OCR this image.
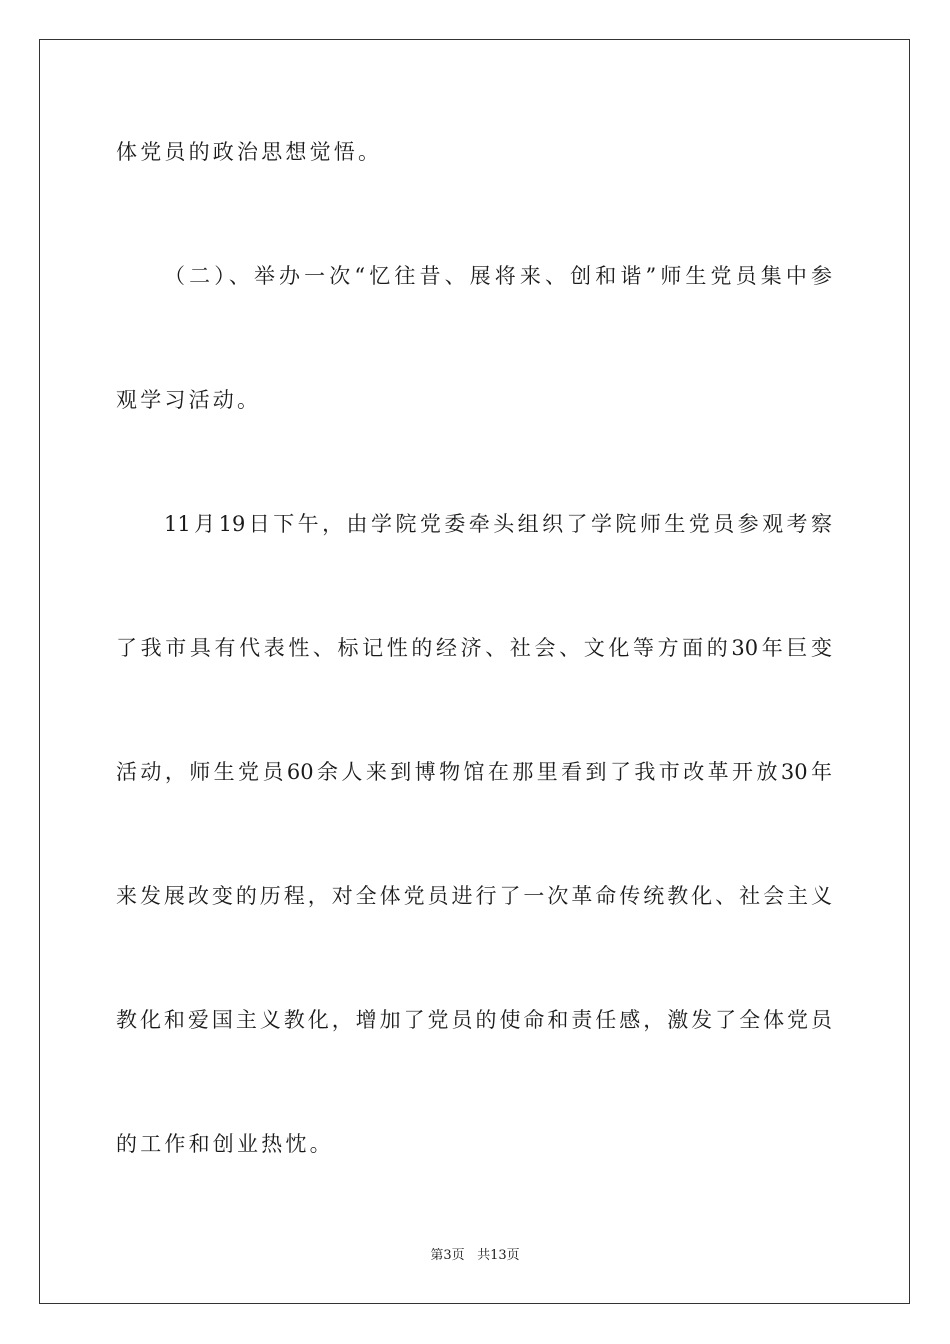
体党员的政治思想觉悟。
（二）、举办一次“忆往昔、展将来、创和谐”师生党员集中参
观学习活动。
11月19日下午，由学院党委牵头组织了学院师生党员参观考察
了我市具有代表性、标记性的经济、社会、文化等方面的30年巨变
活动，师生党员60余人来到博物馆在那里看到了我市改革开放30年
来发展改变的历程，对全体党员进行了一次革命传统教化、社会主义
教化和爱国主义教化，增加了党员的使命和责任感，激发了全体党员
的工作和创业热忱。
第3页 共13页
